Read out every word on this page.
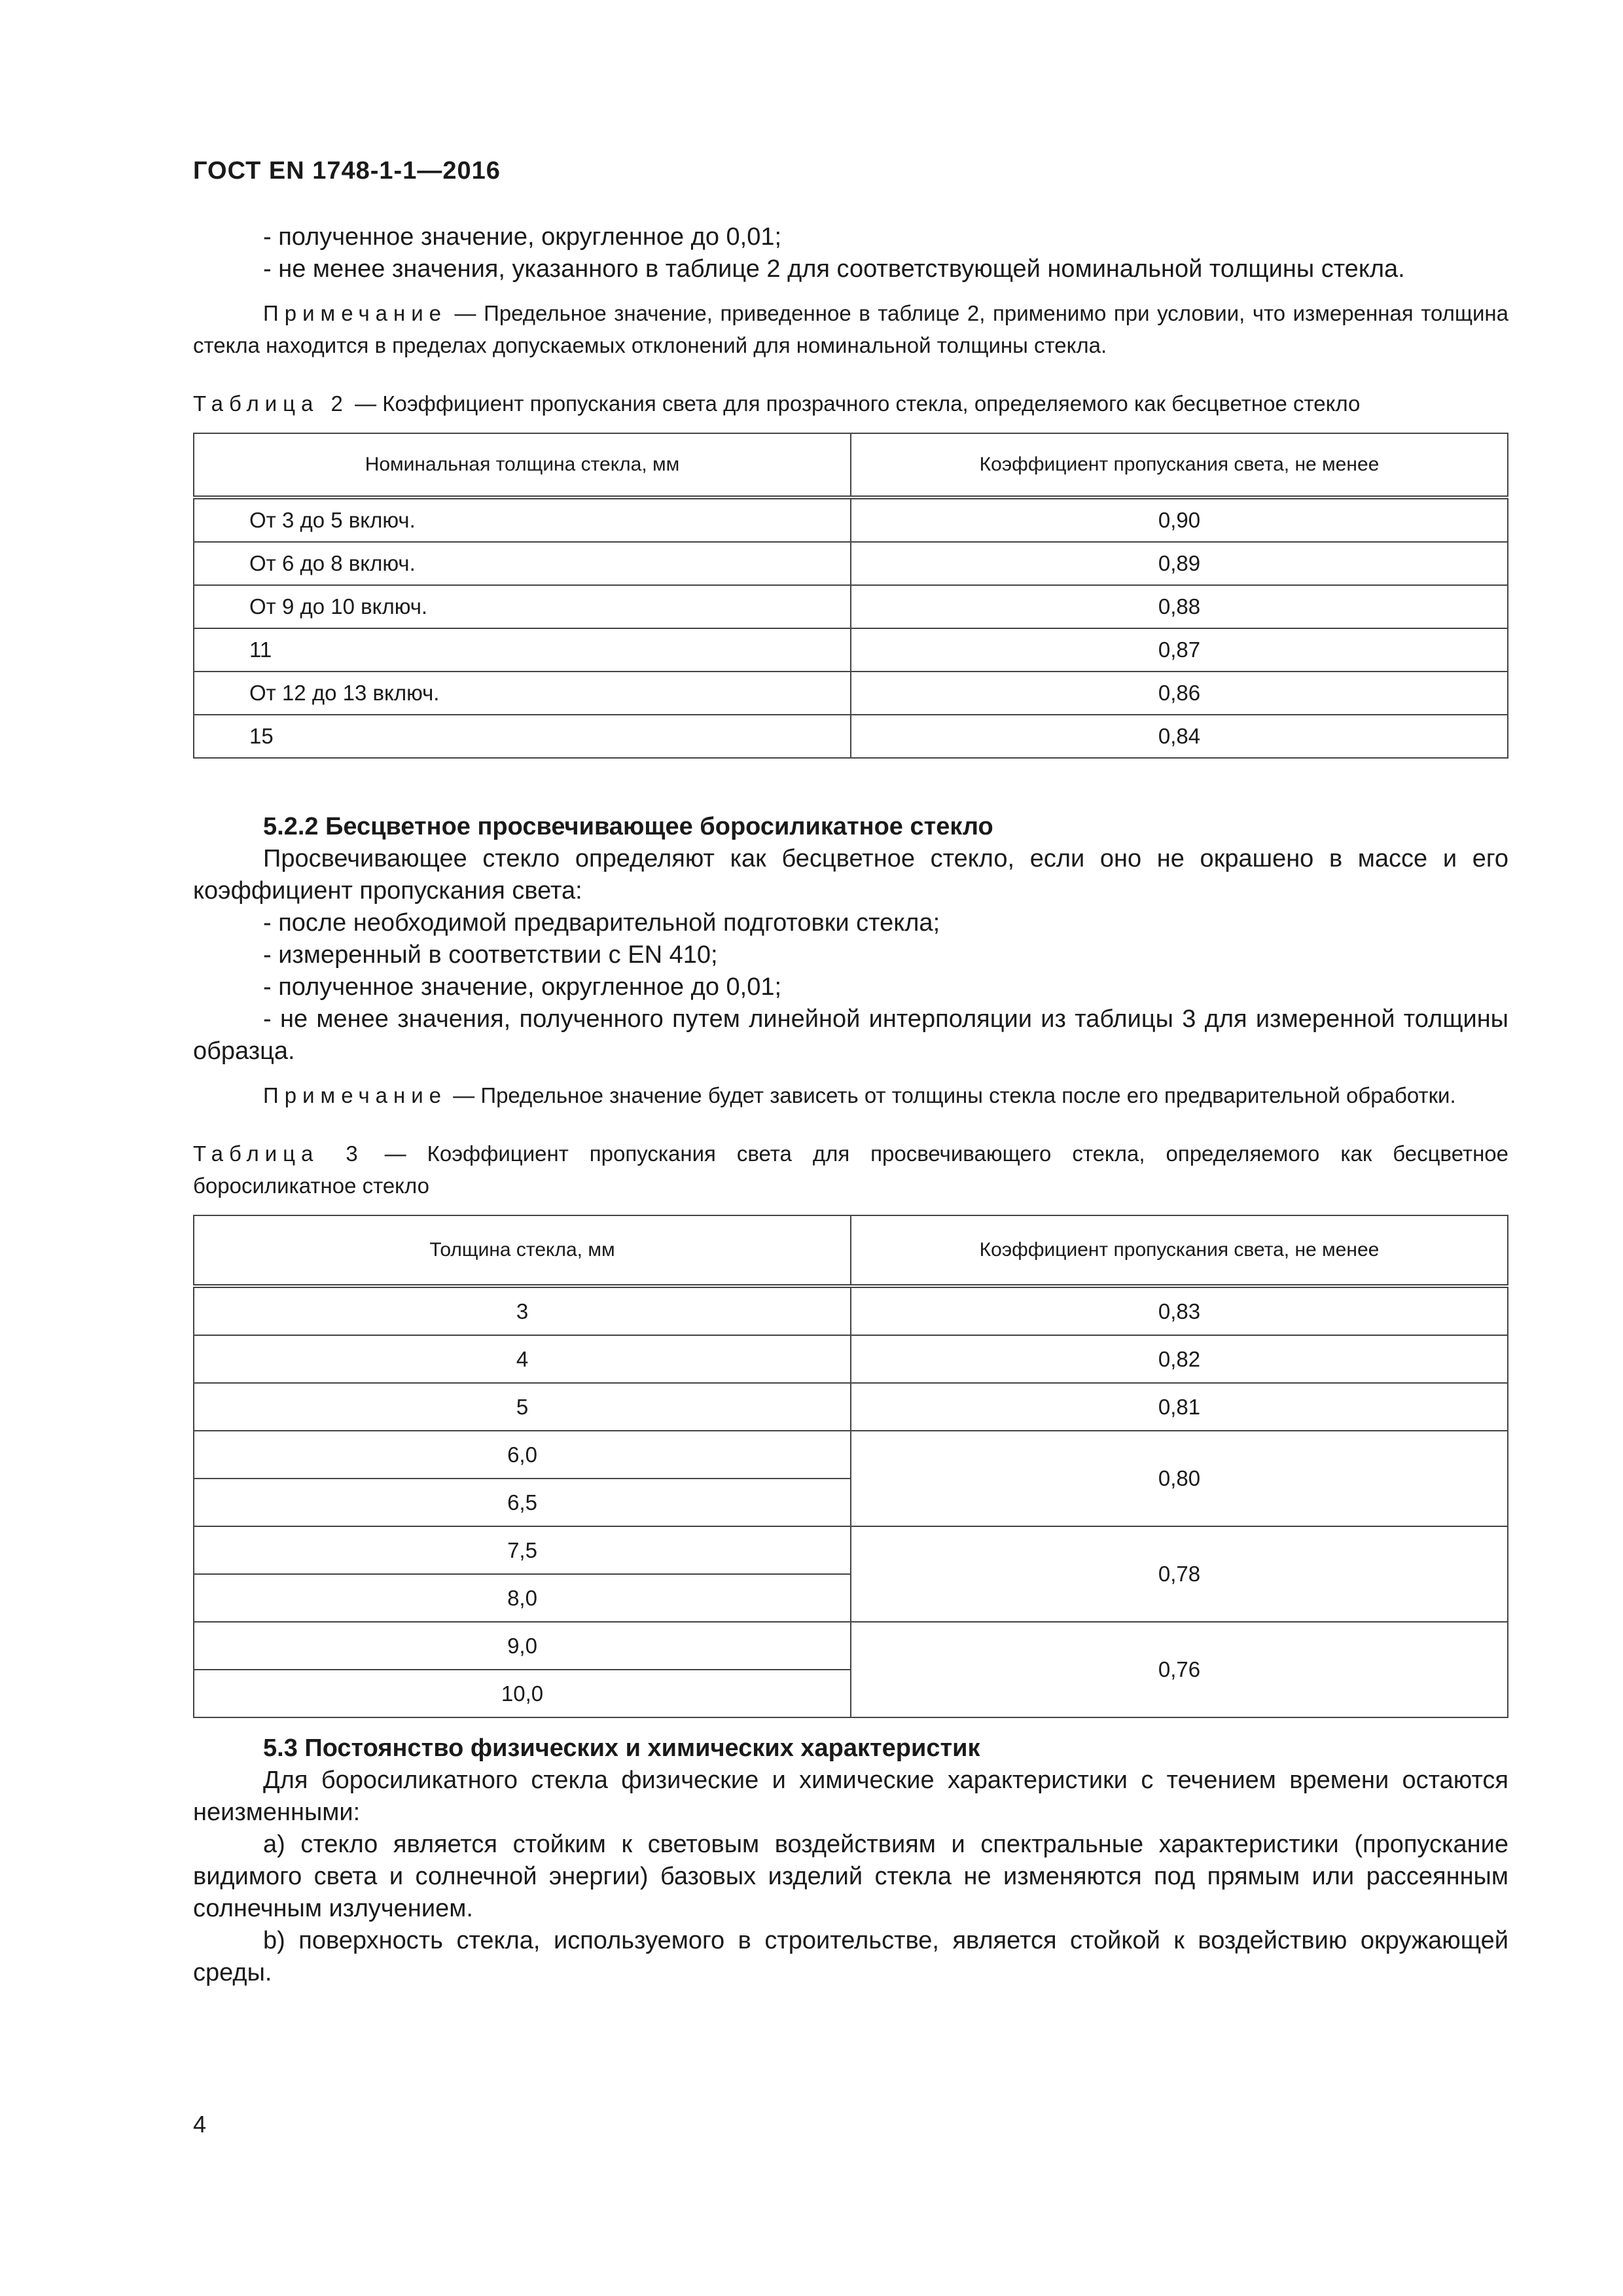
ГОСТ EN 1748-1-1—2016

- полученное значение, округленное до 0,01;

- не менее значения, указанного в таблице 2 для соответствующей номинальной толщины стекла.

Примечание — Предельное значение, приведенное в таблице 2, применимо при условии, что измеренная толщина стекла находится в пределах допускаемых отклонений для номинальной толщины стекла.

Таблица 2 — Коэффициент пропускания света для прозрачного стекла, определяемого как бесцветное стекло

Номинальная толщина стекла, мм	Коэффициент пропускания света, не менее
От 3 до 5 включ.	0,90
От 6 до 8 включ.	0,89
От 9 до 10 включ.	0,88
11	0,87
От 12 до 13 включ.	0,86
15	0,84

5.2.2 Бесцветное просвечивающее боросиликатное стекло

Просвечивающее стекло определяют как бесцветное стекло, если оно не окрашено в массе и его коэффициент пропускания света:

- после необходимой предварительной подготовки стекла;

- измеренный в соответствии с EN 410;

- полученное значение, округленное до 0,01;

- не менее значения, полученного путем линейной интерполяции из таблицы 3 для измеренной толщины образца.

Примечание — Предельное значение будет зависеть от толщины стекла после его предварительной обработки.

Таблица 3 — Коэффициент пропускания света для просвечивающего стекла, определяемого как бесцветное боросиликатное стекло

Толщина стекла, мм	Коэффициент пропускания света, не менее
3	0,83
4	0,82
5	0,81
6,0	0,80
6,5	
7,5	0,78
8,0	
9,0	0,76
10,0	

5.3 Постоянство физических и химических характеристик

Для боросиликатного стекла физические и химические характеристики с течением времени остаются неизменными:

a) стекло является стойким к световым воздействиям и спектральные характеристики (пропускание видимого света и солнечной энергии) базовых изделий стекла не изменяются под прямым или рассеянным солнечным излучением.

b) поверхность стекла, используемого в строительстве, является стойкой к воздействию окружающей среды.

4
